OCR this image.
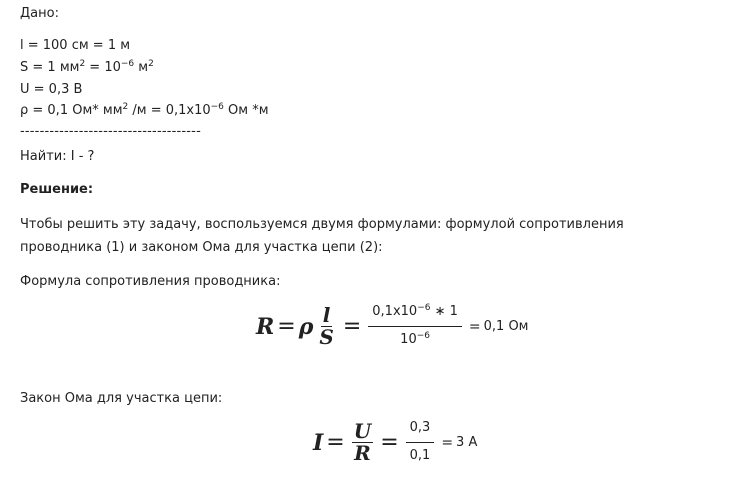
Дано:
l = 100 см = 1 м
S = 1 $мм^2 = 10^{-6}$ $м^2$
U = 0,3 В
ρ = 0,1 Ом* $мм^2$ $/м = 0,1х10^{-6}$ Ом *м
-------------------------------------
Найти: I - ?
Решение:
Чтобы решить эту задачу, воспользуемся двумя формулами: формулой сопротивления
проводника (1) и законом Ома для участка цепи (2):
Формула сопротивления проводника:
R = ρ $\frac{l}{S} = \frac{0,1х10^{-6} ∗ 1}{10^{-6}} = 0,1$ Ом
Закон Ома для участка цепи:
$I = \frac{U}{R} = \frac{0,3}{0,1} = 3$ А
